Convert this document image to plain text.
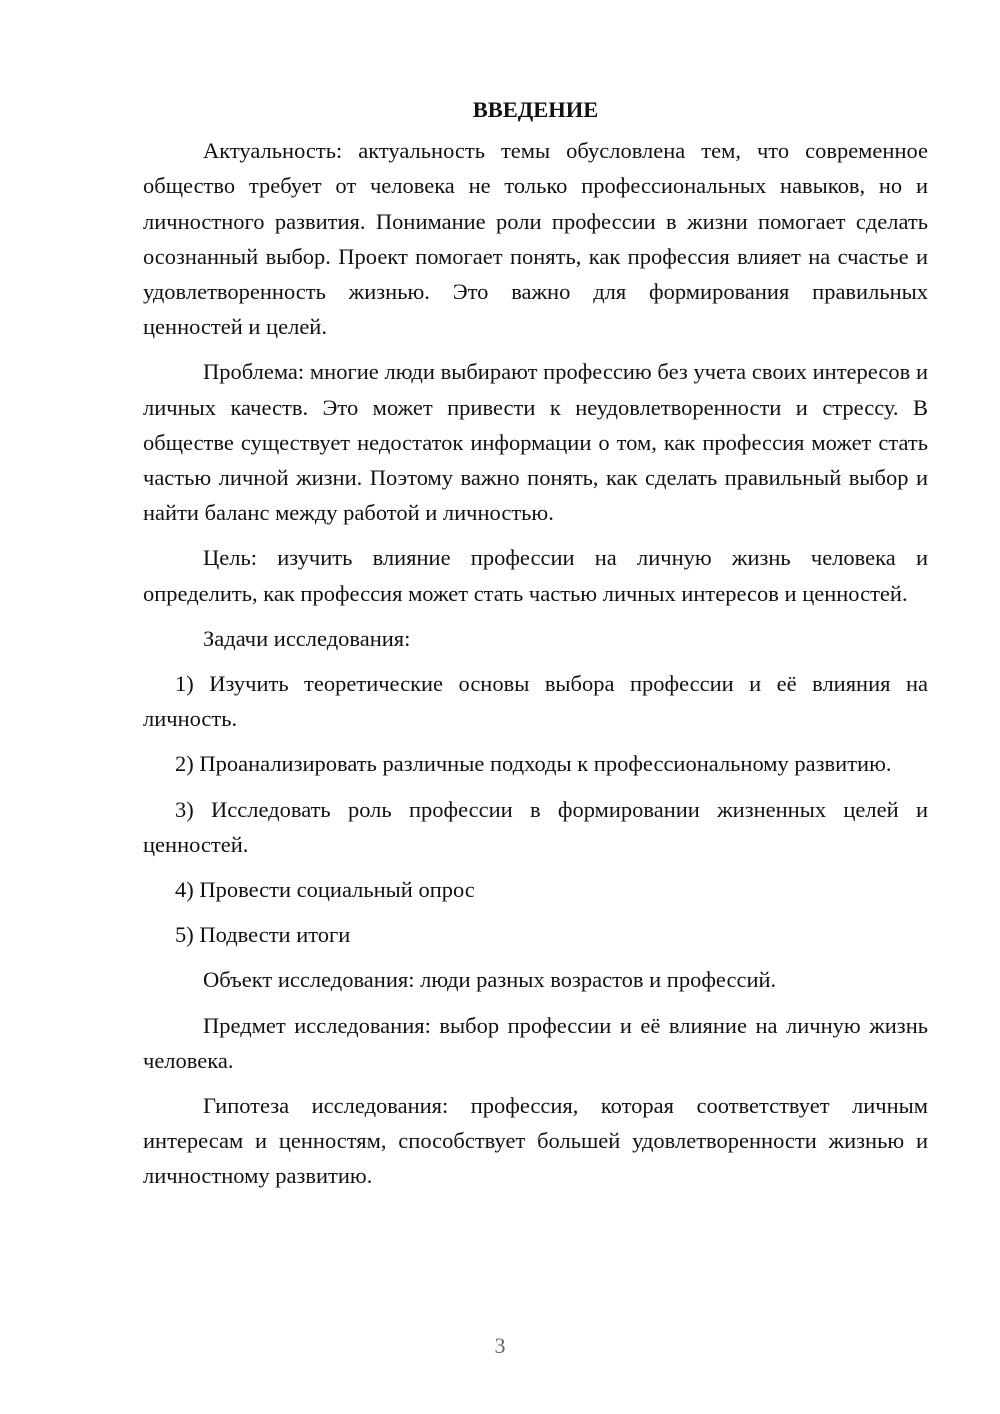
ВВЕДЕНИЕ

Актуальность: актуальность темы обусловлена тем, что современное общество требует от человека не только профессиональных навыков, но и личностного развития. Понимание роли профессии в жизни помогает сделать осознанный выбор. Проект помогает понять, как профессия влияет на счастье и удовлетворенность жизнью. Это важно для формирования правильных ценностей и целей.

Проблема: многие люди выбирают профессию без учета своих интересов и личных качеств. Это может привести к неудовлетворенности и стрессу. В обществе существует недостаток информации о том, как профессия может стать частью личной жизни. Поэтому важно понять, как сделать правильный выбор и найти баланс между работой и личностью.

Цель: изучить влияние профессии на личную жизнь человека и определить, как профессия может стать частью личных интересов и ценностей.

Задачи исследования:

1) Изучить теоретические основы выбора профессии и её влияния на личность.

2) Проанализировать различные подходы к профессиональному развитию.

3) Исследовать роль профессии в формировании жизненных целей и ценностей.

4) Провести социальный опрос

5) Подвести итоги

Объект исследования: люди разных возрастов и профессий.

Предмет исследования: выбор профессии и её влияние на личную жизнь человека.

Гипотеза исследования: профессия, которая соответствует личным интересам и ценностям, способствует большей удовлетворенности жизнью и личностному развитию.

3
